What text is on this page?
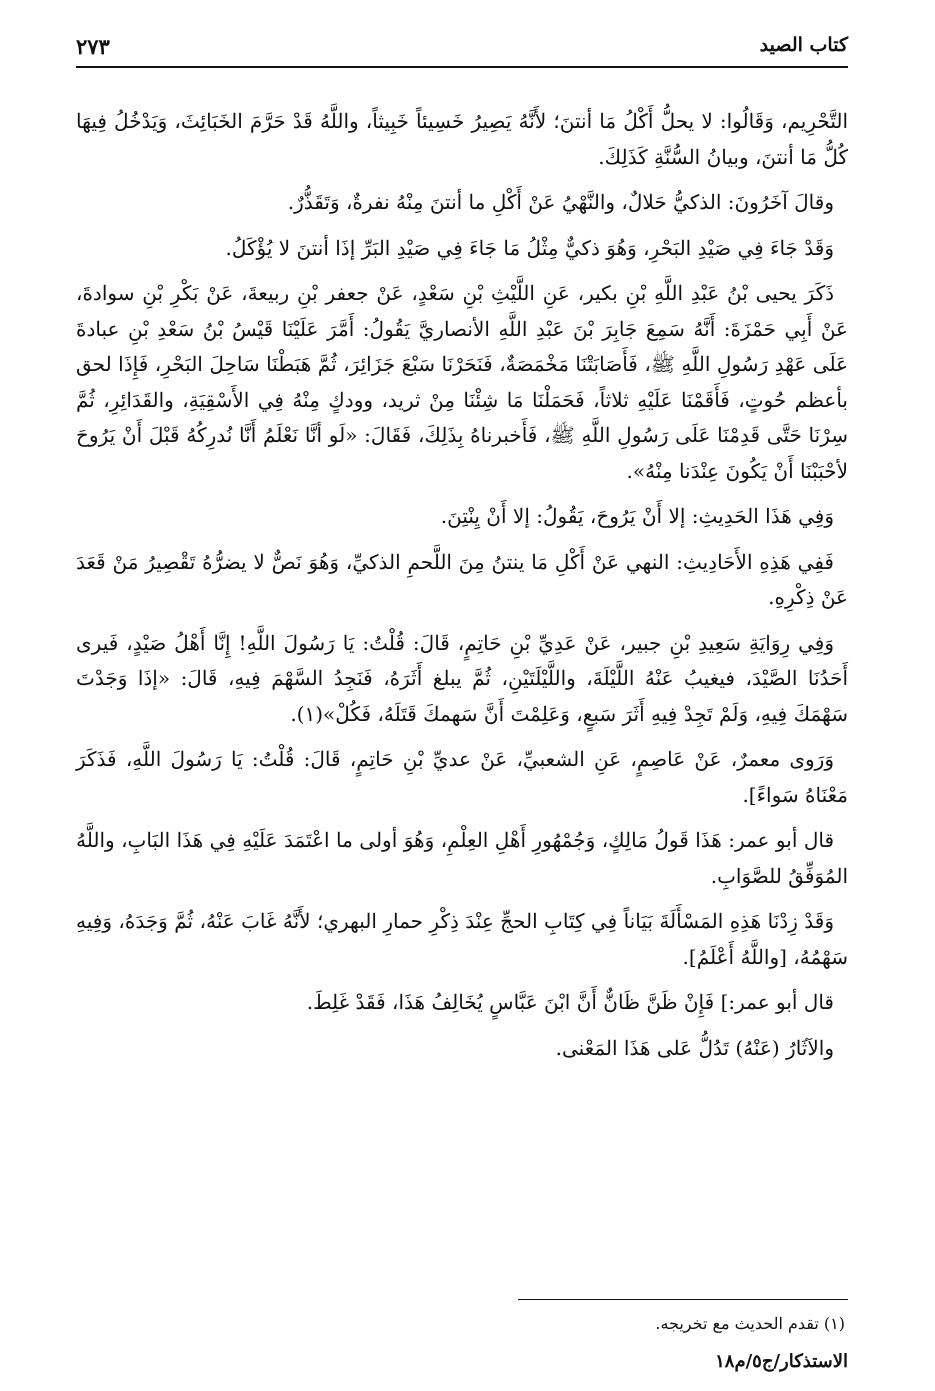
كتاب الصيد
٢٧٣

التَّحْرِيم، وَقَالُوا: لا يحلُّ أَكْلُ مَا أنتنَ؛ لأَنَّهُ يَصِيرُ خَسِيئاً خَبِيثاً، واللَّهُ قَدْ حَرَّمَ الخَبَائِثَ، وَيَدْخُلُ فِيهَا كُلُّ مَا أنتنَ، وبيانُ السُّنَّةِ كَذَلِكَ.

وقالَ آخَرُونَ: الذكيُّ حَلالٌ، والنَّهْيُ عَنْ أَكْلِ ما أنتنَ مِنْهُ نفرةٌ، وَتَقَذُّرٌ.

وَقَدْ جَاءَ فِي صَيْدِ البَحْرِ، وَهُوَ ذكيٌّ مِثْلُ مَا جَاءَ فِي صَيْدِ البَرِّ إذَا أنتنَ لا يُؤْكَلُ.

ذَكَرَ يحيى بْنُ عَبْدِ اللَّهِ بْنِ بكير، عَنِ اللَّيْثِ بْنِ سَعْدٍ، عَنْ جعفر بْنِ ربيعةَ، عَنْ بَكْرِ بْنِ سوادةَ، عَنْ أَبِي حَمْزَةَ: أَنَّهُ سَمِعَ جَابِرَ بْنَ عَبْدِ اللَّهِ الأنصاريَّ يَقُولُ: أَمَّرَ عَلَيْنَا قَيْسُ بْنُ سَعْدِ بْنِ عبادةَ عَلَى عَهْدِ رَسُولِ اللَّهِ ﷺ، فَأَصَابَتْنَا مَخْمَصَةٌ، فَنَحَرْنَا سَبْعَ جَزَائِرَ، ثُمَّ هَبَطْنَا سَاحِلَ البَحْرِ، فَإِذَا لحق بأعظم حُوتٍ، فَأَقَمْنَا عَلَيْهِ ثلاثاً، فَحَمَلْنَا مَا شِئْنَا مِنْ ثريد، وودكٍ مِنْهُ فِي الأَسْقِيَةِ، والقَدَائِرِ، ثُمَّ سِرْنَا حَتَّى قَدِمْنَا عَلَى رَسُولِ اللَّهِ ﷺ، فَأَخبرناهُ بِذَلِكَ، فَقَالَ: «لَو أنَّا نَعْلَمُ أَنَّا نُدرِكُهُ قَبْلَ أَنْ يَرُوحَ لأحْبَبْنَا أَنْ يَكُونَ عِنْدَنا مِنْهُ».

وَفِي هَذَا الحَدِيثِ: إلا أَنْ يَرُوحَ، يَقُولُ: إلا أَنْ يِنْتِنَ.

فَفِي هَذِهِ الأَحَادِيثِ: النهي عَنْ أَكْلِ مَا ينتنُ مِنَ اللَّحمِ الذكيِّ، وَهُوَ نَصٌّ لا يضرُّهُ تَقْصِيرُ مَنْ قَعَدَ عَنْ ذِكْرِهِ.

وَفِي رِوَايَةِ سَعِيدِ بْنِ جبير، عَنْ عَدِيِّ بْنِ حَاتِمٍ، قَالَ: قُلْتُ: يَا رَسُولَ اللَّهِ! إِنَّا أَهْلُ صَيْدٍ، فَيرى أَحَدُنَا الصَّيْدَ، فيغيبُ عَنْهُ اللَّيْلَةَ، واللَّيْلَتَيْنِ، ثُمَّ يبلغ أَثَرَهُ، فَنَجِدُ السَّهْمَ فِيهِ، قَالَ: «إذَا وَجَدْتَ سَهْمَكَ فِيهِ، وَلَمْ تَجِدْ فِيهِ أَثَرَ سَبعٍ، وَعَلِمْتَ أَنَّ سَهمكَ قَتَلَهُ، فَكُلْ»(١).

وَرَوى معمرٌ، عَنْ عَاصِمٍ، عَنِ الشعبيِّ، عَنْ عديِّ بْنِ حَاتِمٍ، قَالَ: قُلْتُ: يَا رَسُولَ اللَّهِ، فَذَكَرَ مَعْنَاهُ سَواءً].

قال أبو عمر: هَذَا قَولُ مَالِكٍ، وَجُمْهُورِ أَهْلِ العِلْمِ، وَهُوَ أولى ما اعْتَمَدَ عَلَيْهِ فِي هَذَا البَابِ، واللَّهُ المُوَفِّقُ للصَّوَابِ.

وَقَدْ زِدْنَا هَذِهِ المَسْأَلَةَ بَيَاناً فِي كِتَابِ الحجِّ عِنْدَ ذِكْرِ حمارِ البهري؛ لأَنَّهُ غَابَ عَنْهُ، ثُمَّ وَجَدَهُ، وَفِيهِ سَهْمُهُ، [واللَّهُ أَعْلَمُ].

قال أبو عمر:] فَإِنْ ظَنَّ ظَانٌّ أَنَّ ابْنَ عَبَّاسٍ يُخَالِفُ هَذَا، فَقَدْ غَلِطَ.

والآثَارُ (عَنْهُ) تَدُلُّ عَلى هَذَا المَعْنى.

(١) تقدم الحديث مع تخريجه.
الاستذكار/ج٥/م١٨
